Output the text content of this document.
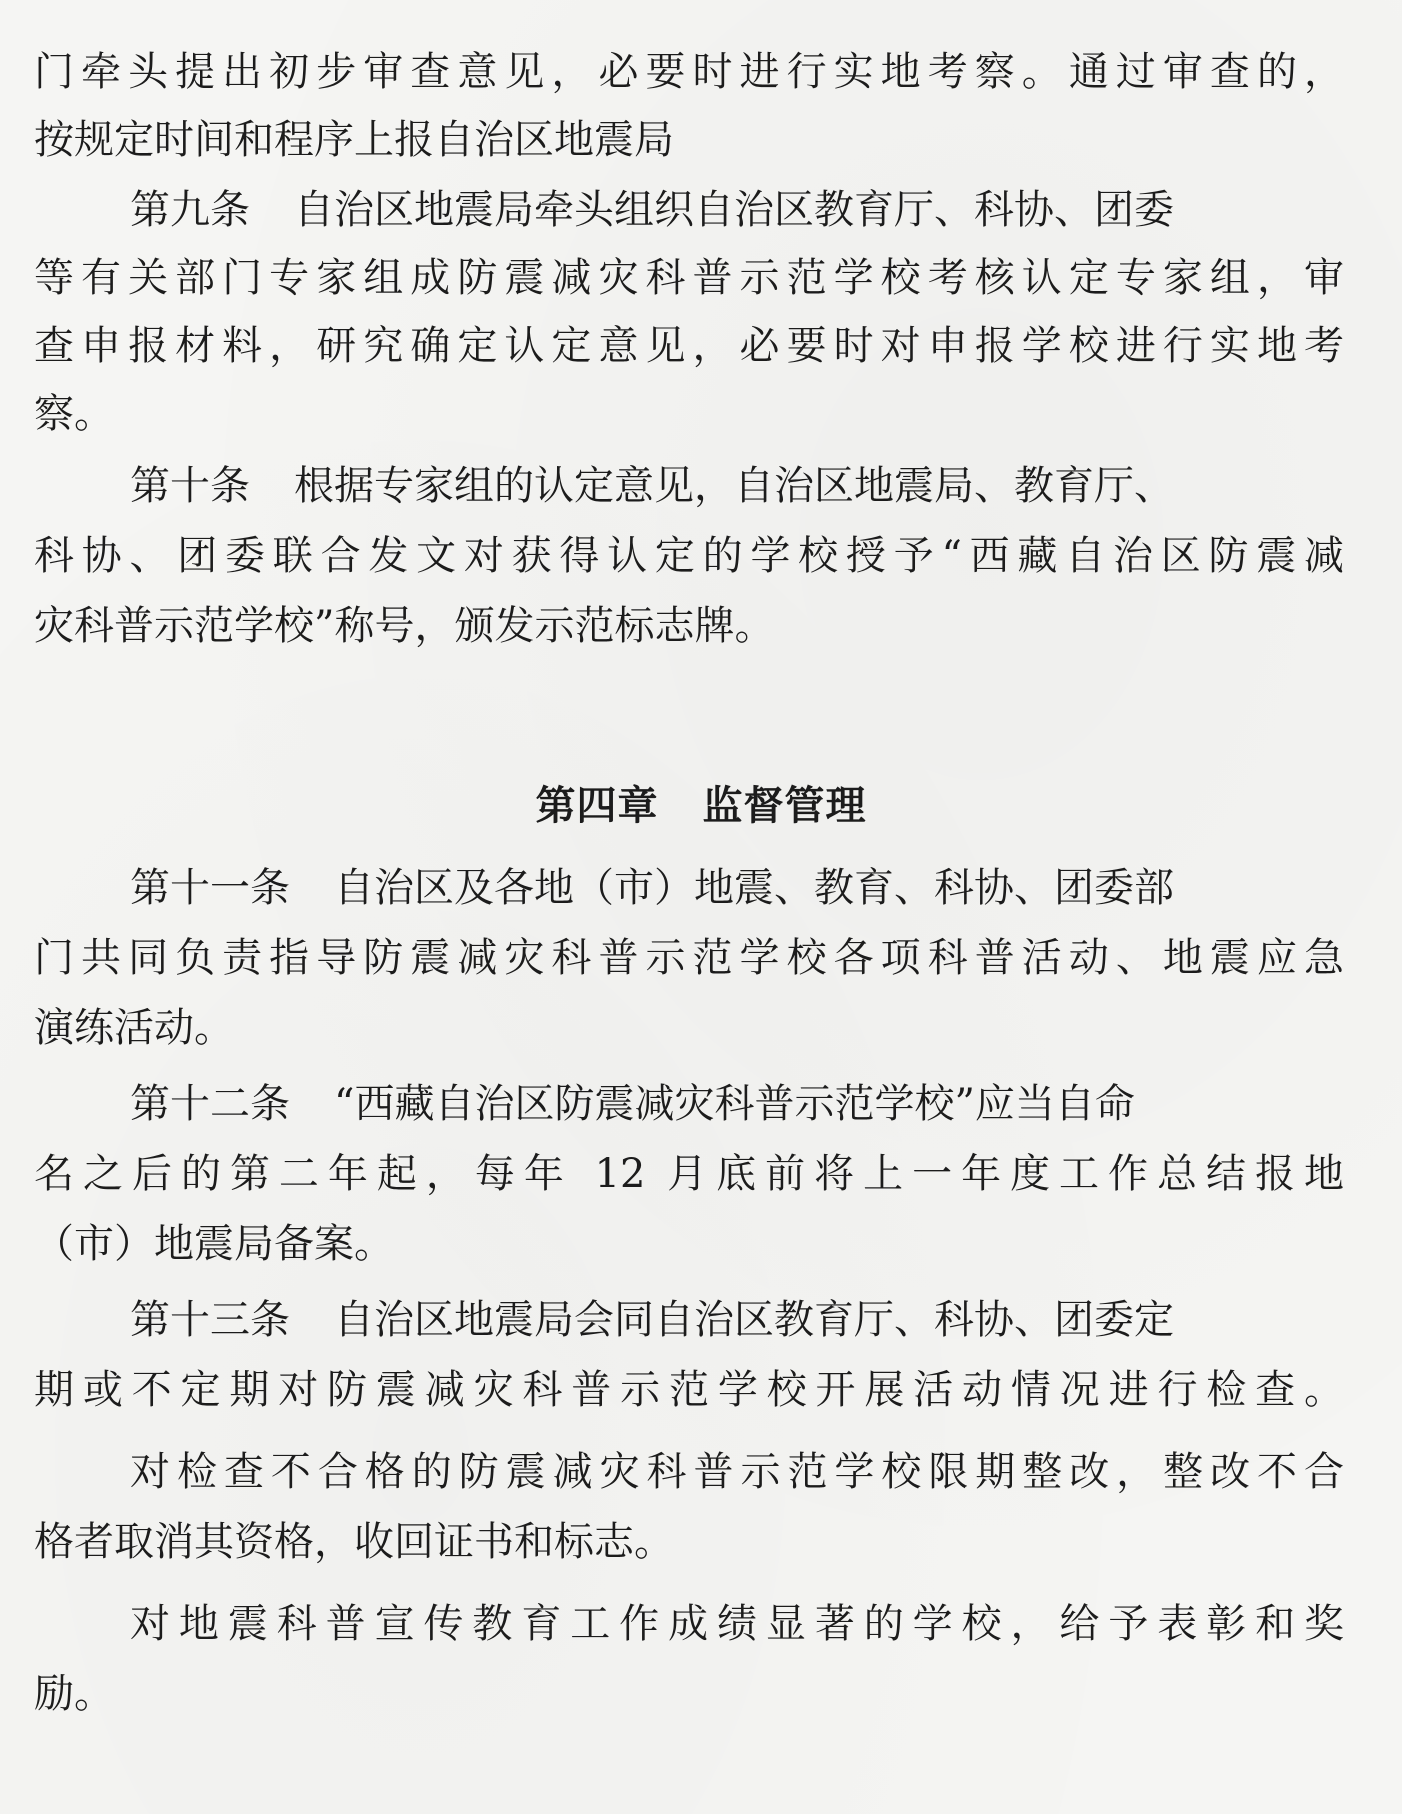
门牵头提出初步审查意见，必要时进行实地考察。通过审查的，
按规定时间和程序上报自治区地震局
第九条 自治区地震局牵头组织自治区教育厅、科协、团委
等有关部门专家组成防震减灾科普示范学校考核认定专家组，审
查申报材料，研究确定认定意见，必要时对申报学校进行实地考
察。
第十条 根据专家组的认定意见，自治区地震局、教育厅、
科协、团委联合发文对获得认定的学校授予“西藏自治区防震减
灾科普示范学校”称号，颁发示范标志牌。
第四章 监督管理
第十一条 自治区及各地（市）地震、教育、科协、团委部
门共同负责指导防震减灾科普示范学校各项科普活动、地震应急
演练活动。
第十二条 “西藏自治区防震减灾科普示范学校”应当自命
名之后的第二年起，每年 12 月底前将上一年度工作总结报地
（市）地震局备案。
第十三条 自治区地震局会同自治区教育厅、科协、团委定
期或不定期对防震减灾科普示范学校开展活动情况进行检查。
对检查不合格的防震减灾科普示范学校限期整改，整改不合
格者取消其资格，收回证书和标志。
对地震科普宣传教育工作成绩显著的学校，给予表彰和奖
励。
